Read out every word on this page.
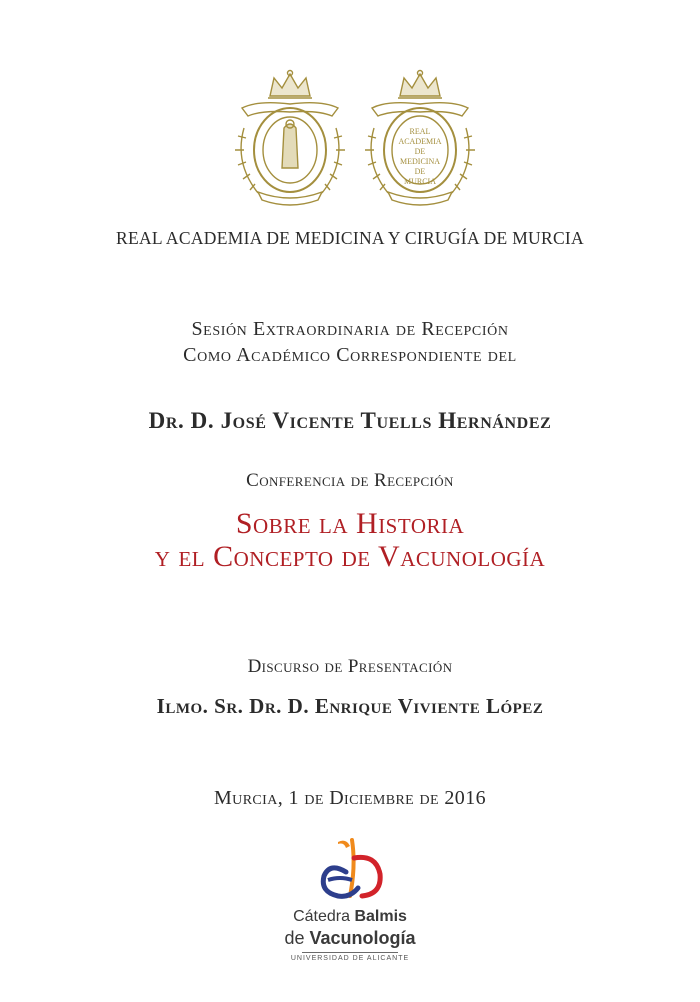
REAL
ACADEMIA
DE
MEDICINA
DE
MURCIA
REAL ACADEMIA DE MEDICINA Y CIRUGÍA DE MURCIA
Sesión Extraordinaria de Recepción
Como Académico Correspondiente del
Dr. D. José Vicente Tuells Hernández
Conferencia de Recepción
Sobre la Historia
y el Concepto de Vacunología
Discurso de Presentación
Ilmo. Sr. Dr. D. Enrique Viviente López
Murcia, 1 de Diciembre de 2016
Cátedra Balmis
de Vacunología
UNIVERSIDAD DE ALICANTE
